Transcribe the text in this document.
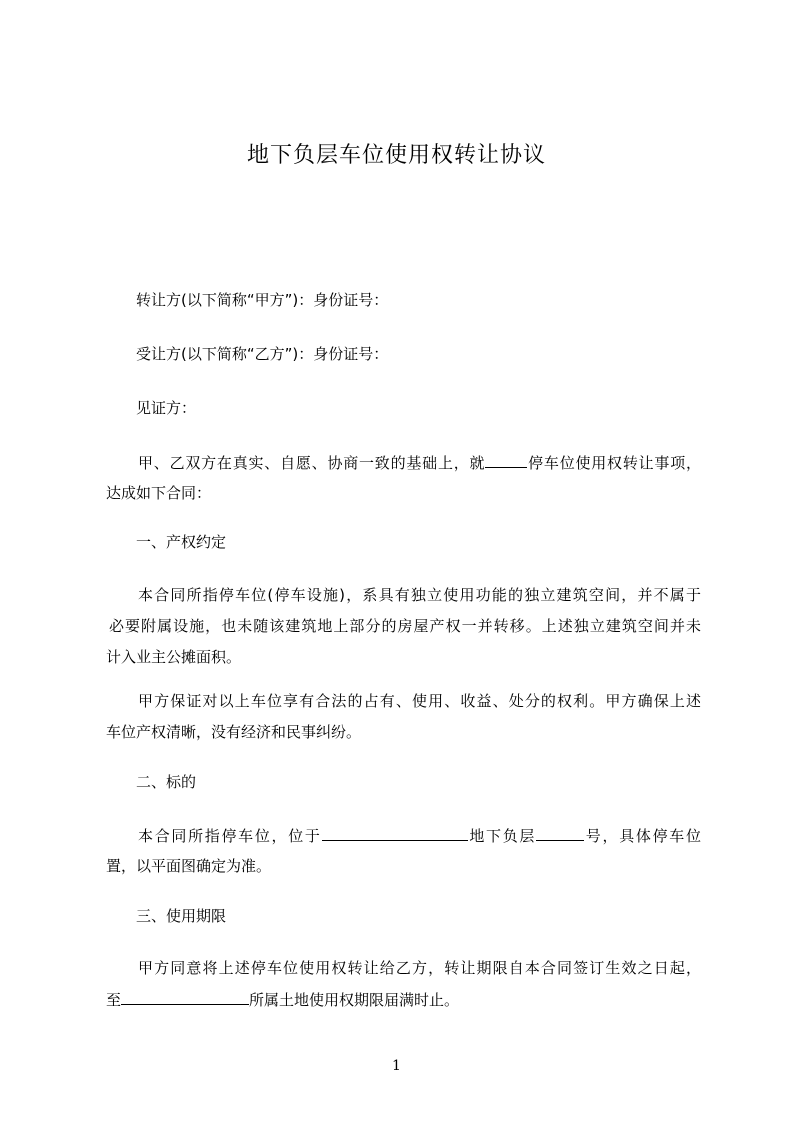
地下负层车位使用权转让协议
转让方(以下简称“甲方”)：身份证号：
受让方(以下简称“乙方”)：身份证号：
见证方：
甲、乙双方在真实、自愿、协商一致的基础上，就	停车位使用权转让事项，
达成如下合同：
一、产权约定
本合同所指停车位(停车设施)，系具有独立使用功能的独立建筑空间，并不属于
必要附属设施，也未随该建筑地上部分的房屋产权一并转移。上述独立建筑空间并未
计入业主公摊面积。
甲方保证对以上车位享有合法的占有、使用、收益、处分的权利。甲方确保上述
车位产权清晰，没有经济和民事纠纷。
二、标的
本合同所指停车位，位于	地下负层	号，具体停车位
置，以平面图确定为准。
三、使用期限
甲方同意将上述停车位使用权转让给乙方，转让期限自本合同签订生效之日起，
至	所属土地使用权期限届满时止。
1
